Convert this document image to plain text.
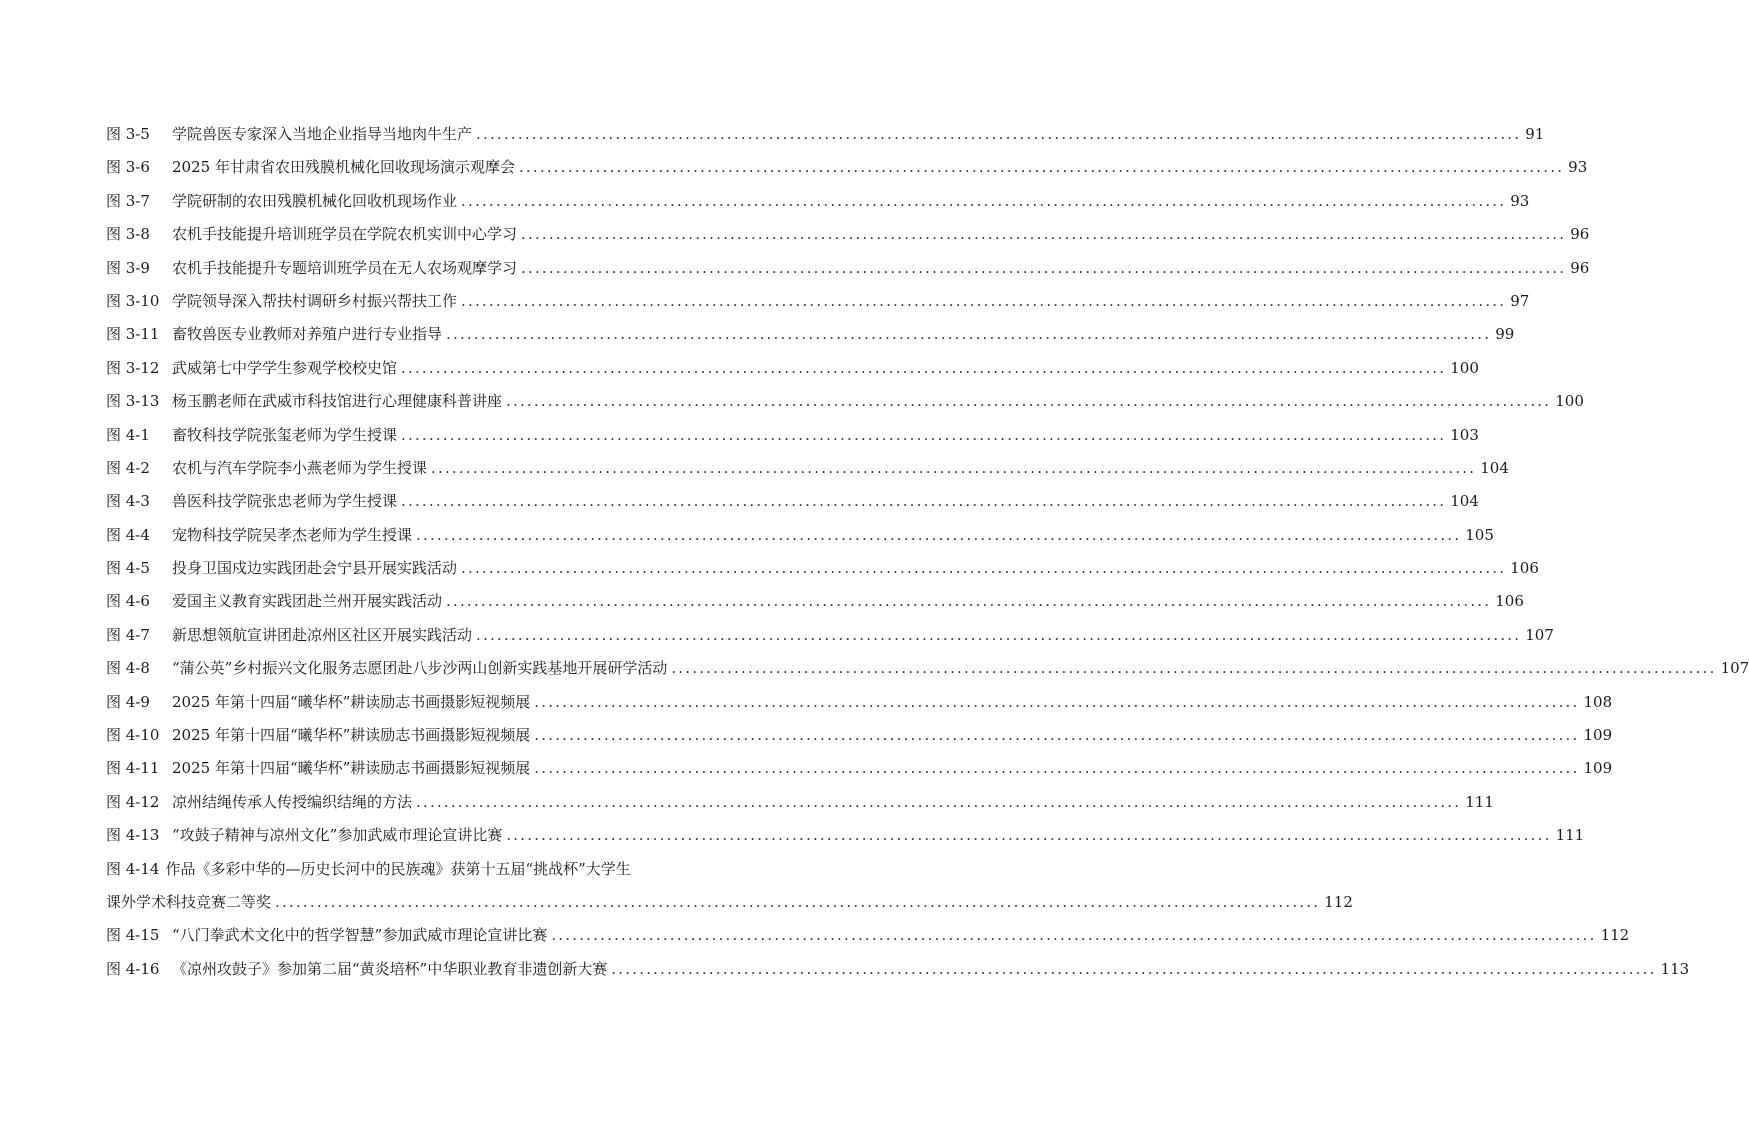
图 3-5	学院兽医专家深入当地企业指导当地肉牛生产 .....	91
图 3-6	2025 年甘肃省农田残膜机械化回收现场演示观摩会 .....	93
图 3-7	学院研制的农田残膜机械化回收机现场作业 .....	93
图 3-8	农机手技能提升培训班学员在学院农机实训中心学习 .....	96
图 3-9	农机手技能提升专题培训班学员在无人农场观摩学习 .....	96
图 3-10 学院领导深入帮扶村调研乡村振兴帮扶工作 .....	97
图 3-11 畜牧兽医专业教师对养殖户进行专业指导 .....	99
图 3-12 武威第七中学学生参观学校校史馆 .....	100
图 3-13 杨玉鹏老师在武威市科技馆进行心理健康科普讲座 .....	100
图 4-1	畜牧科技学院张玺老师为学生授课 .....	103
图 4-2	农机与汽车学院李小燕老师为学生授课 .....	104
图 4-3	兽医科技学院张忠老师为学生授课 .....	104
图 4-4	宠物科技学院吴孝杰老师为学生授课 .....	105
图 4-5	投身卫国戍边实践团赴会宁县开展实践活动 .....	106
图 4-6	爱国主义教育实践团赴兰州开展实践活动 .....	106
图 4-7	新思想领航宣讲团赴凉州区社区开展实践活动 .....	107
图 4-8	“蒲公英”乡村振兴文化服务志愿团赴八步沙两山创新实践基地开展研学活动 .....	107
图 4-9	2025 年第十四届“曦华杯”耕读励志书画摄影短视频展 .....	108
图 4-10 2025 年第十四届“曦华杯”耕读励志书画摄影短视频展 .....	109
图 4-11 2025 年第十四届“曦华杯”耕读励志书画摄影短视频展 .....	109
图 4-12 凉州结绳传承人传授编织结绳的方法 .....	111
图 4-13 “攻鼓子精神与凉州文化”参加武威市理论宣讲比赛 .....	111
图 4-14 作品《多彩中华的—历史长河中的民族魂》获第十五届“挑战杯”大学生
课外学术科技竞赛二等奖 .....	112
图 4-15 “八门拳武术文化中的哲学智慧”参加武威市理论宣讲比赛 .....	112
图 4-16 《凉州攻鼓子》参加第二届“黄炎培杯”中华职业教育非遗创新大赛 .....	113
